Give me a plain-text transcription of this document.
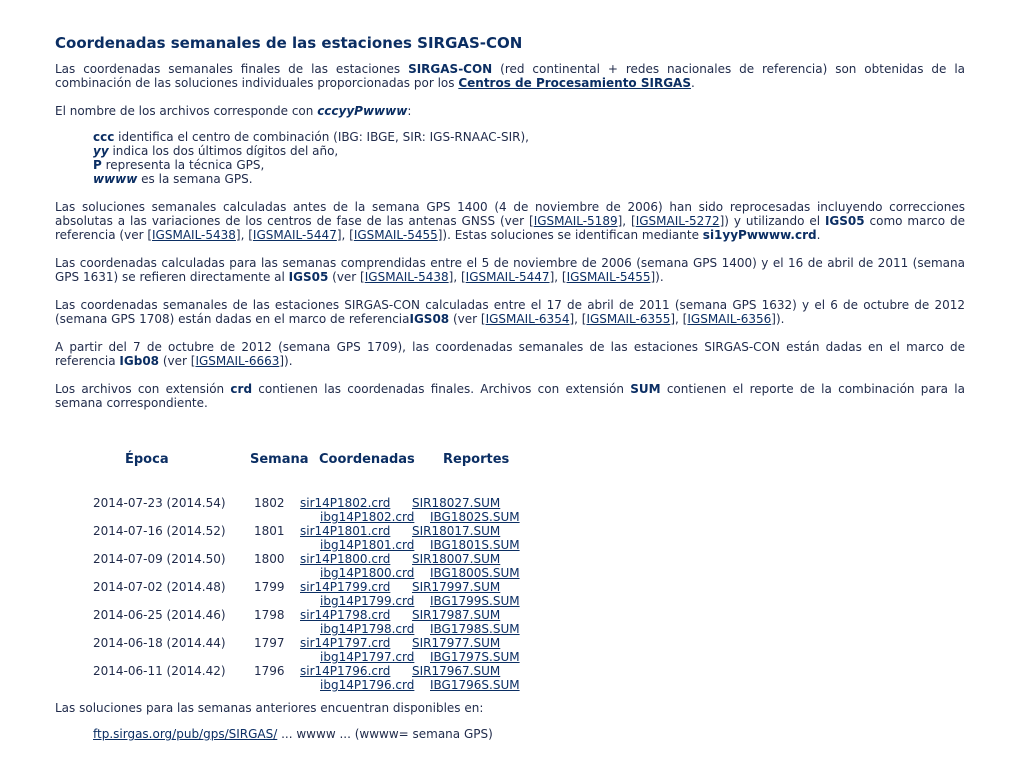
Coordenadas semanales de las estaciones SIRGAS-CON

Las coordenadas semanales finales de las estaciones SIRGAS-CON (red continental + redes nacionales de referencia) son obtenidas de la combinación de las soluciones individuales proporcionadas por los Centros de Procesamiento SIRGAS.

El nombre de los archivos corresponde con cccyyPwwww:

ccc identifica el centro de combinación (IBG: IBGE, SIR: IGS-RNAAC-SIR),
yy indica los dos últimos dígitos del año,
P representa la técnica GPS,
wwww es la semana GPS.

Las soluciones semanales calculadas antes de la semana GPS 1400 (4 de noviembre de 2006) han sido reprocesadas incluyendo correcciones absolutas a las variaciones de los centros de fase de las antenas GNSS (ver [IGSMAIL-5189], [IGSMAIL-5272]) y utilizando el IGS05 como marco de referencia (ver [IGSMAIL-5438], [IGSMAIL-5447], [IGSMAIL-5455]). Estas soluciones se identifican mediante si1yyPwwww.crd.

Las coordenadas calculadas para las semanas comprendidas entre el 5 de noviembre de 2006 (semana GPS 1400) y el 16 de abril de 2011 (semana GPS 1631) se refieren directamente al IGS05 (ver [IGSMAIL-5438], [IGSMAIL-5447], [IGSMAIL-5455]).

Las coordenadas semanales de las estaciones SIRGAS-CON calculadas entre el 17 de abril de 2011 (semana GPS 1632) y el 6 de octubre de 2012 (semana GPS 1708) están dadas en el marco de referenciaIGS08 (ver [IGSMAIL-6354], [IGSMAIL-6355], [IGSMAIL-6356]).

A partir del 7 de octubre de 2012 (semana GPS 1709), las coordenadas semanales de las estaciones SIRGAS-CON están dadas en el marco de referencia IGb08 (ver [IGSMAIL-6663]).

Los archivos con extensión crd contienen las coordenadas finales. Archivos con extensión SUM contienen el reporte de la combinación para la semana correspondiente.

Época	Semana Coordenadas Reportes
2014-07-23 (2014.54) 1802 sir14P1802.crd SIR18027.SUM
ibg14P1802.crd IBG1802S.SUM
2014-07-16 (2014.52) 1801 sir14P1801.crd SIR18017.SUM
ibg14P1801.crd IBG1801S.SUM
2014-07-09 (2014.50) 1800 sir14P1800.crd SIR18007.SUM
ibg14P1800.crd IBG1800S.SUM
2014-07-02 (2014.48) 1799 sir14P1799.crd SIR17997.SUM
ibg14P1799.crd IBG1799S.SUM
2014-06-25 (2014.46) 1798 sir14P1798.crd SIR17987.SUM
ibg14P1798.crd IBG1798S.SUM
2014-06-18 (2014.44) 1797 sir14P1797.crd SIR17977.SUM
ibg14P1797.crd IBG1797S.SUM
2014-06-11 (2014.42) 1796 sir14P1796.crd SIR17967.SUM
ibg14P1796.crd IBG1796S.SUM

Las soluciones para las semanas anteriores encuentran disponibles en:

ftp.sirgas.org/pub/gps/SIRGAS/ ... wwww ... (wwww= semana GPS)
